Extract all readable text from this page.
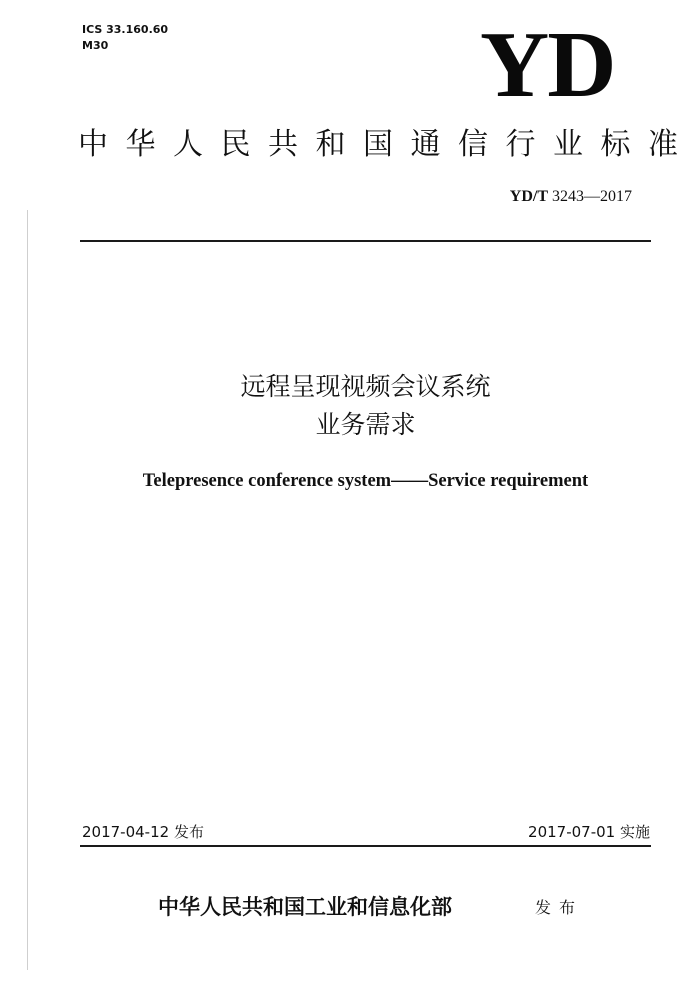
ICS 33.160.60
M30	YD
中华人民共和国通信行业标准
YD/T 3243—2017
远程呈现视频会议系统
业务需求
Telepresence conference system——Service requirement
2017-04-12 发布	2017-07-01 实施
中华人民共和国工业和信息化部	发布
